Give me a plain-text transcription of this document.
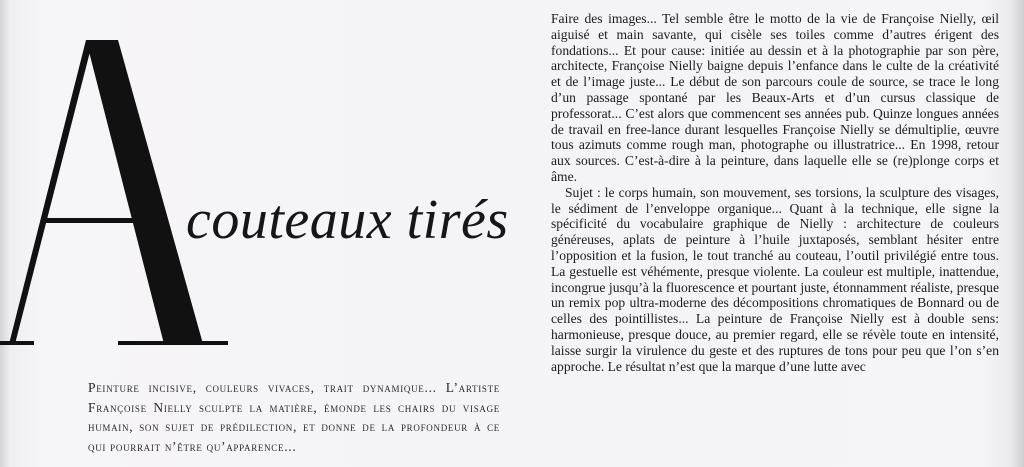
couteaux tirés
Peinture incisive, couleurs vivaces, trait dynamique... L’artiste Françoise Nielly sculpte la matière, émonde les chairs du visage humain, son sujet de prédilection, et donne de la profondeur à ce qui pourrait n’être qu’apparence...

Faire des images... Tel semble être le motto de la vie de Françoise Nielly, œil aiguisé et main savante, qui cisèle ses toiles comme d’autres érigent des fondations... Et pour cause: initiée au dessin et à la photographie par son père, architecte, Françoise Nielly baigne depuis l’enfance dans le culte de la créativité et de l’image juste... Le début de son parcours coule de source, se trace le long d’un passage spontané par les Beaux-Arts et d’un cursus classique de professorat... C’est alors que commencent ses années pub. Quinze longues années de travail en free-lance durant lesquelles Françoise Nielly se démultiplie, œuvre tous azimuts comme rough man, photographe ou illustratrice... En 1998, retour aux sources. C’est-à-dire à la peinture, dans laquelle elle se (re)plonge corps et âme.

Sujet : le corps humain, son mouvement, ses torsions, la sculpture des visages, le sédiment de l’enveloppe organique... Quant à la technique, elle signe la spécificité du vocabulaire graphique de Nielly : architecture de couleurs généreuses, aplats de peinture à l’huile juxtaposés, semblant hésiter entre l’opposition et la fusion, le tout tranché au couteau, l’outil privilégié entre tous. La gestuelle est véhémente, presque violente. La couleur est multiple, inattendue, incongrue jusqu’à la fluorescence et pourtant juste, étonnamment réaliste, presque un remix pop ultra-moderne des décompositions chromatiques de Bonnard ou de celles des pointillistes... La peinture de Françoise Nielly est à double sens: harmonieuse, presque douce, au premier regard, elle se révèle toute en intensité, laisse surgir la virulence du geste et des ruptures de tons pour peu que l’on s’en approche. Le résultat n’est que la marque d’une lutte avec
